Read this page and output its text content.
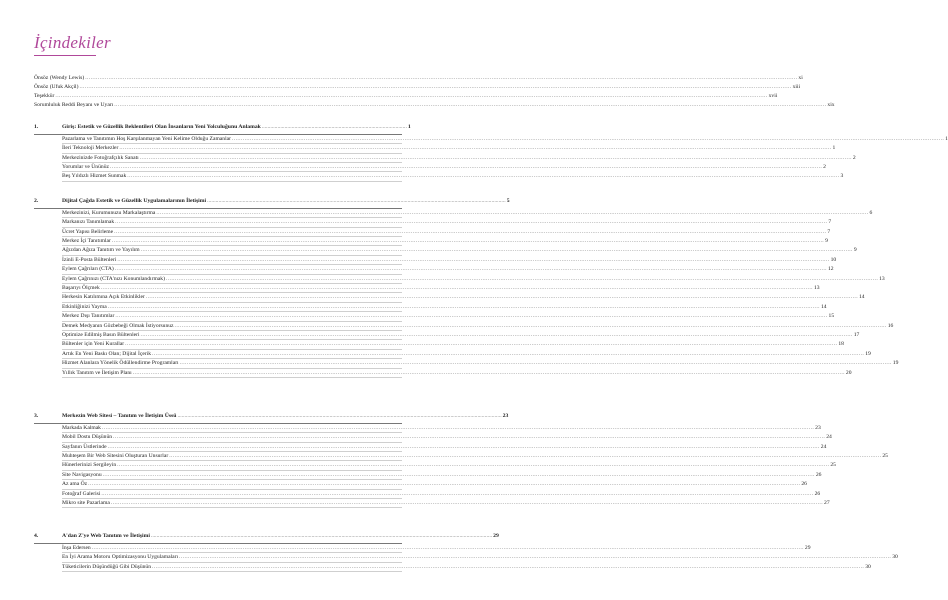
İçindekiler
Önsöz (Wendy Lewis) .....	xi
Önsöz (Ufuk Akçil) .....	xiii
Teşekkür .....	xvii
Sorumluluk Reddi Beyanı ve Uyarı .....	xix
1.	Giriş: Estetik ve Güzellik Beklentileri Olan İnsanların Yeni Yolculuğunu Anlamak ...................................................................................................... 1
Pazarlama ve Tanıtımın Hoş Karşılanmayan Yeni Kelime Olduğu Zamanlar .....	1
İleri Teknoloji Merkezler .....	1
Merkezinizde Fotoğrafçılık Sanatı .....	2
Yorumlar ve Ününüz .....	2
Beş Yıldızlı Hizmet Sunmak .....	3
2.	Dijital Çağda Estetik ve Güzellik Uygulamalarının İletişimi .................................................................................................................................................................................................................. 5
Merkezinizi, Kurumunuzu Markalaştırma .....	6
Markanızı Tanımlamak .....	7
Ücret Yapısı Belirleme .....	7
Merkez İçi Tanıtımlar .....	9
Ağızdan Ağıza Tanıtım ve Yayılım .....	9
İzinli E-Posta Bültenleri .....	10
Eylem Çağrıları (CTA) .....	12
Eylem Çağrınızı (CTA'nızı Konumlandırmak) .....	13
Başarıyı Ölçmek .....	13
Herkesin Katılımına Açık Etkinlikler .....	14
Etkinliğinizi Yayma .....	14
Merkez Dışı Tanıtımlar .....	15
Demek Medyanın Gözbebeği Olmak İstiyorsunuz .....	16
Optimize Edilmiş Basın Bültenleri .....	17
Bültenler için Yeni Kurallar .....	18
Artık En Yeni Baskı Olan; Dijital İçerik .....	19
Hizmet Alanlara Yönelik Ödüllendirme Programları .....	19
Yıllık Tanıtım ve İletişim Planı .....	20
3.	Merkezin Web Sitesi – Tanıtım ve İletişim Üssü .................................................................................................................................................................................................................................... 23
Markada Kalmak .....	23
Mobil Dostu Düşünün .....	24
Sayfanın Üstlerinde .....	24
Muhteşem Bir Web Sitesini Oluşturan Unsurlar .....	25
Hünerlerinizi Sergileyin .....	25
Site Navigasyonu .....	26
Az ama Öz .....	26
Fotoğraf Galerisi .....	26
Mikro site Pazarlama .....	27
4.	A'dan Z'ye Web Tanıtım ve İletişimi ................................................................................................................................................................................................................................................ 29
İnşa Edersen .....	29
En İyi Arama Motoru Optimizasyonu Uygulamaları .....	30
Tüketicilerin Düşündüğü Gibi Düşünün .....	30
